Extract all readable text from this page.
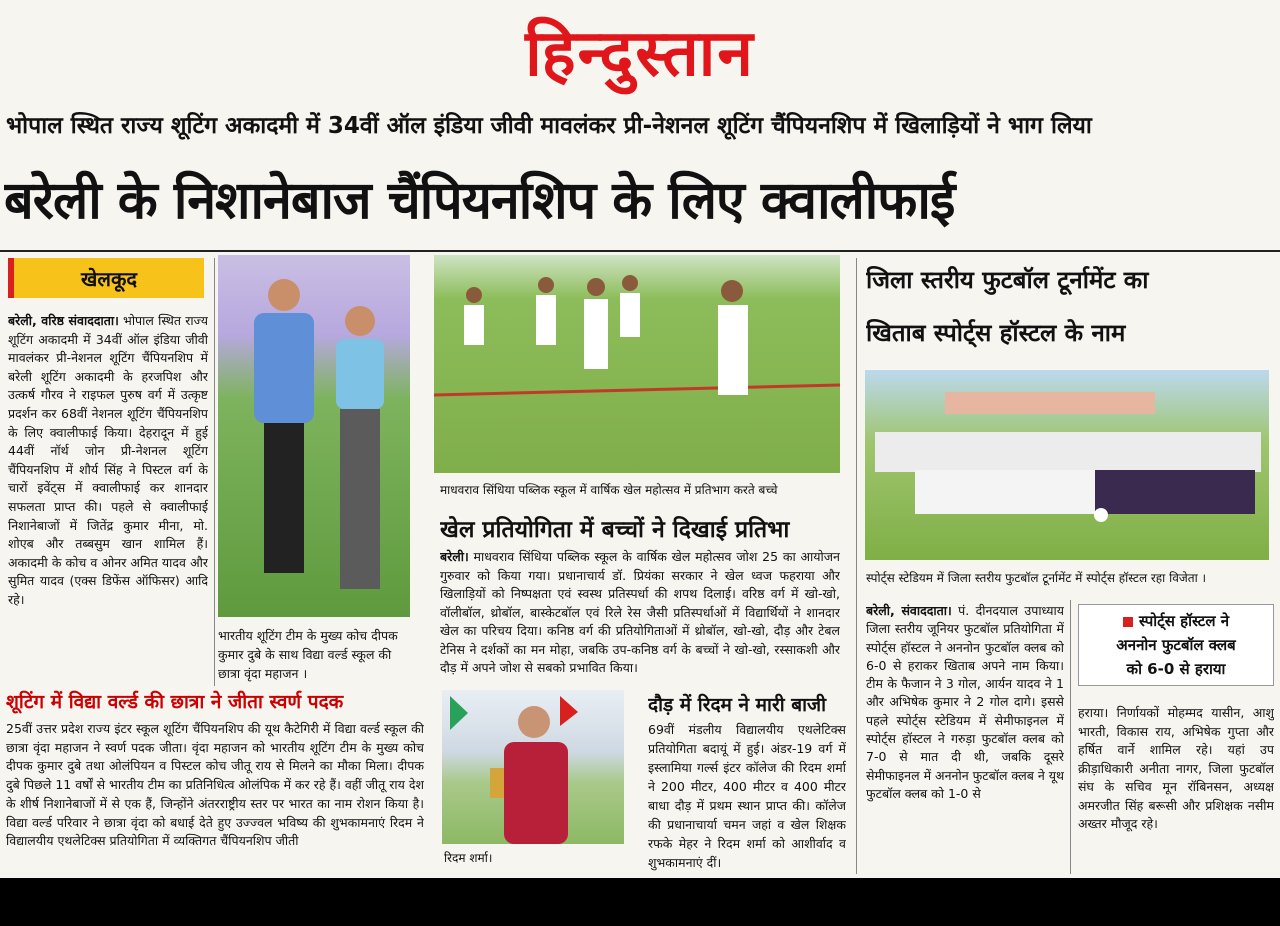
हिन्दुस्तान
भोपाल स्थित राज्य शूटिंग अकादमी में 34वीं ऑल इंडिया जीवी मावलंकर प्री-नेशनल शूटिंग चैंपियनशिप में खिलाड़ियों ने भाग लिया
बरेली के निशानेबाज चैंपियनशिप के लिए क्वालीफाई
खेलकूद
बरेली, वरिष्ठ संवाददाता। भोपाल स्थित राज्य शूटिंग अकादमी में 34वीं ऑल इंडिया जीवी मावलंकर प्री-नेशनल शूटिंग चैंपियनशिप में बरेली शूटिंग अकादमी के हरजपिश और उत्कर्ष गौरव ने राइफल पुरुष वर्ग में उत्कृष्ट प्रदर्शन कर 68वीं नेशनल शूटिंग चैंपियनशिप के लिए क्वालीफाई किया। देहरादून में हुई 44वीं नॉर्थ जोन प्री-नेशनल शूटिंग चैंपियनशिप में शौर्य सिंह ने पिस्टल वर्ग के चारों इवेंट्स में क्वालीफाई कर शानदार सफलता प्राप्त की। पहले से क्वालीफाई निशानेबाजों में जितेंद्र कुमार मीना, मो. शोएब और तब्बसुम खान शामिल हैं। अकादमी के कोच व ओनर अमित यादव और सुमित यादव (एक्स डिफेंस ऑफिसर) आदि रहे।
भारतीय शूटिंग टीम के मुख्य कोच दीपक कुमार दुबे के साथ विद्या वर्ल्ड स्कूल की छात्रा वृंदा महाजन ।
शूटिंग में विद्या वर्ल्ड की छात्रा ने जीता स्वर्ण पदक
25वीं उत्तर प्रदेश राज्य इंटर स्कूल शूटिंग चैंपियनशिप की यूथ कैटेगिरी में विद्या वर्ल्ड स्कूल की छात्रा वृंदा महाजन ने स्वर्ण पदक जीता। वृंदा महाजन को भारतीय शूटिंग टीम के मुख्य कोच दीपक कुमार दुबे तथा ओलंपियन व पिस्टल कोच जीतू राय से मिलने का मौका मिला। दीपक दुबे पिछले 11 वर्षों से भारतीय टीम का प्रतिनिधित्व ओलंपिक में कर रहे हैं। वहीं जीतू राय देश के शीर्ष निशानेबाजों में से एक हैं, जिन्होंने अंतरराष्ट्रीय स्तर पर भारत का नाम रोशन किया है। विद्या वर्ल्ड परिवार ने छात्रा वृंदा को बधाई देते हुए उज्ज्वल भविष्य की शुभकामनाएं रिदम ने विद्यालयीय एथलेटिक्स प्रतियोगिता में व्यक्तिगत चैंपियनशिप जीती
माधवराव सिंधिया पब्लिक स्कूल में वार्षिक खेल महोत्सव में प्रतिभाग करते बच्चे
खेल प्रतियोगिता में बच्चों ने दिखाई प्रतिभा
बरेली। माधवराव सिंधिया पब्लिक स्कूल के वार्षिक खेल महोत्सव जोश 25 का आयोजन गुरुवार को किया गया। प्रधानाचार्य डॉ. प्रियंका सरकार ने खेल ध्वज फहराया और खिलाड़ियों को निष्पक्षता एवं स्वस्थ प्रतिस्पर्धा की शपथ दिलाई। वरिष्ठ वर्ग में खो-खो, वॉलीबॉल, थ्रोबॉल, बास्केटबॉल एवं रिले रेस जैसी प्रतिस्पर्धाओं में विद्यार्थियों ने शानदार खेल का परिचय दिया। कनिष्ठ वर्ग की प्रतियोगिताओं में थ्रोबॉल, खो-खो, दौड़ और टेबल टेनिस ने दर्शकों का मन मोहा, जबकि उप-कनिष्ठ वर्ग के बच्चों ने खो-खो, रस्साकशी और दौड़ में अपने जोश से सबको प्रभावित किया।
रिदम शर्मा।
दौड़ में रिदम ने मारी बाजी
69वीं मंडलीय विद्यालयीय एथलेटिक्स प्रतियोगिता बदायूं में हुई। अंडर-19 वर्ग में इस्लामिया गर्ल्स इंटर कॉलेज की रिदम शर्मा ने 200 मीटर, 400 मीटर व 400 मीटर बाधा दौड़ में प्रथम स्थान प्राप्त की। कॉलेज की प्रधानाचार्या चमन जहां व खेल शिक्षक रफके मेहर ने रिदम शर्मा को आशीर्वाद व शुभकामनाएं दीं।
जिला स्तरीय फुटबॉल टूर्नामेंट का
खिताब स्पोर्ट्स हॉस्टल के नाम
स्पोर्ट्स स्टेडियम में जिला स्तरीय फुटबॉल टूर्नामेंट में स्पोर्ट्स हॉस्टल रहा विजेता ।
बरेली, संवाददाता। पं. दीनदयाल उपाध्याय जिला स्तरीय जूनियर फुटबॉल प्रतियोगिता में स्पोर्ट्स हॉस्टल ने अननोन फुटबॉल क्लब को 6-0 से हराकर खिताब अपने नाम किया। टीम के फैजान ने 3 गोल, आर्यन यादव ने 1 और अभिषेक कुमार ने 2 गोल दागे। इससे पहले स्पोर्ट्स स्टेडियम में सेमीफाइनल में स्पोर्ट्स हॉस्टल ने गरुड़ा फुटबॉल क्लब को 7-0 से मात दी थी, जबकि दूसरे सेमीफाइनल में अननोन फुटबॉल क्लब ने यूथ फुटबॉल क्लब को 1-0 से
स्पोर्ट्स हॉस्टल ने
अननोन फुटबॉल क्लब
को 6-0 से हराया
हराया। निर्णायकों मोहम्मद यासीन, आशु भारती, विकास राय, अभिषेक गुप्ता और हर्षित वार्ने शामिल रहे। यहां उप क्रीड़ाधिकारी अनीता नागर, जिला फुटबॉल संघ के सचिव मून रॉबिनसन, अध्यक्ष अमरजीत सिंह बरूसी और प्रशिक्षक नसीम अख्तर मौजूद रहे।
